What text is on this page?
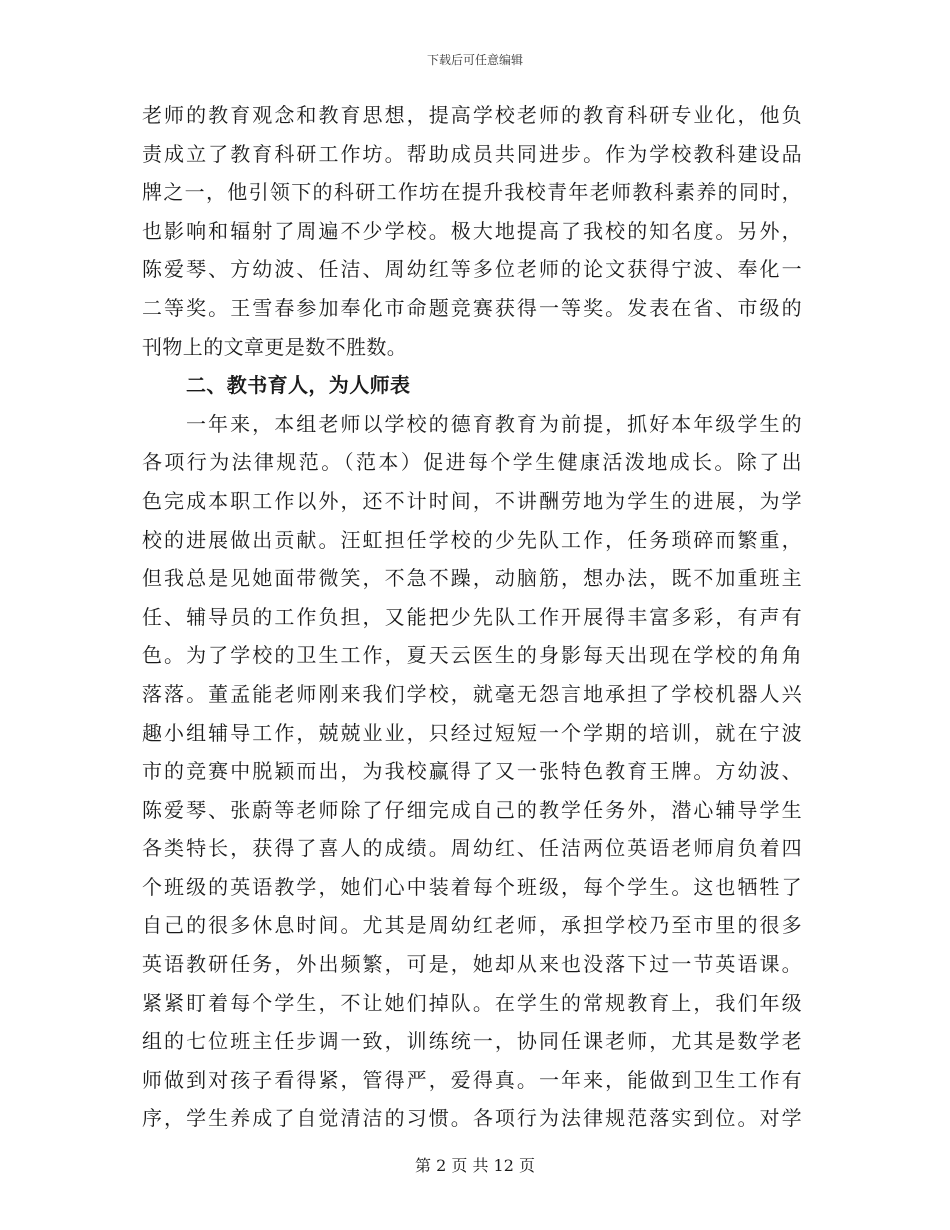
下载后可任意编辑
老师的教育观念和教育思想，提高学校老师的教育科研专业化，他负
责成立了教育科研工作坊。帮助成员共同进步。作为学校教科建设品
牌之一，他引领下的科研工作坊在提升我校青年老师教科素养的同时，
也影响和辐射了周遍不少学校。极大地提高了我校的知名度。另外，
陈爱琴、方幼波、任洁、周幼红等多位老师的论文获得宁波、奉化一
二等奖。王雪春参加奉化市命题竞赛获得一等奖。发表在省、市级的
刊物上的文章更是数不胜数。
二、教书育人，为人师表
一年来，本组老师以学校的德育教育为前提，抓好本年级学生的
各项行为法律规范。（范本）促进每个学生健康活泼地成长。除了出
色完成本职工作以外，还不计时间，不讲酬劳地为学生的进展，为学
校的进展做出贡献。汪虹担任学校的少先队工作，任务琐碎而繁重，
但我总是见她面带微笑，不急不躁，动脑筋，想办法，既不加重班主
任、辅导员的工作负担，又能把少先队工作开展得丰富多彩，有声有
色。为了学校的卫生工作，夏天云医生的身影每天出现在学校的角角
落落。董孟能老师刚来我们学校，就毫无怨言地承担了学校机器人兴
趣小组辅导工作，兢兢业业，只经过短短一个学期的培训，就在宁波
市的竞赛中脱颖而出，为我校赢得了又一张特色教育王牌。方幼波、
陈爱琴、张蔚等老师除了仔细完成自己的教学任务外，潜心辅导学生
各类特长，获得了喜人的成绩。周幼红、任洁两位英语老师肩负着四
个班级的英语教学，她们心中装着每个班级，每个学生。这也牺牲了
自己的很多休息时间。尤其是周幼红老师，承担学校乃至市里的很多
英语教研任务，外出频繁，可是，她却从来也没落下过一节英语课。
紧紧盯着每个学生，不让她们掉队。在学生的常规教育上，我们年级
组的七位班主任步调一致，训练统一，协同任课老师，尤其是数学老
师做到对孩子看得紧，管得严，爱得真。一年来，能做到卫生工作有
序，学生养成了自觉清洁的习惯。各项行为法律规范落实到位。对学
第 2 页 共 12 页
